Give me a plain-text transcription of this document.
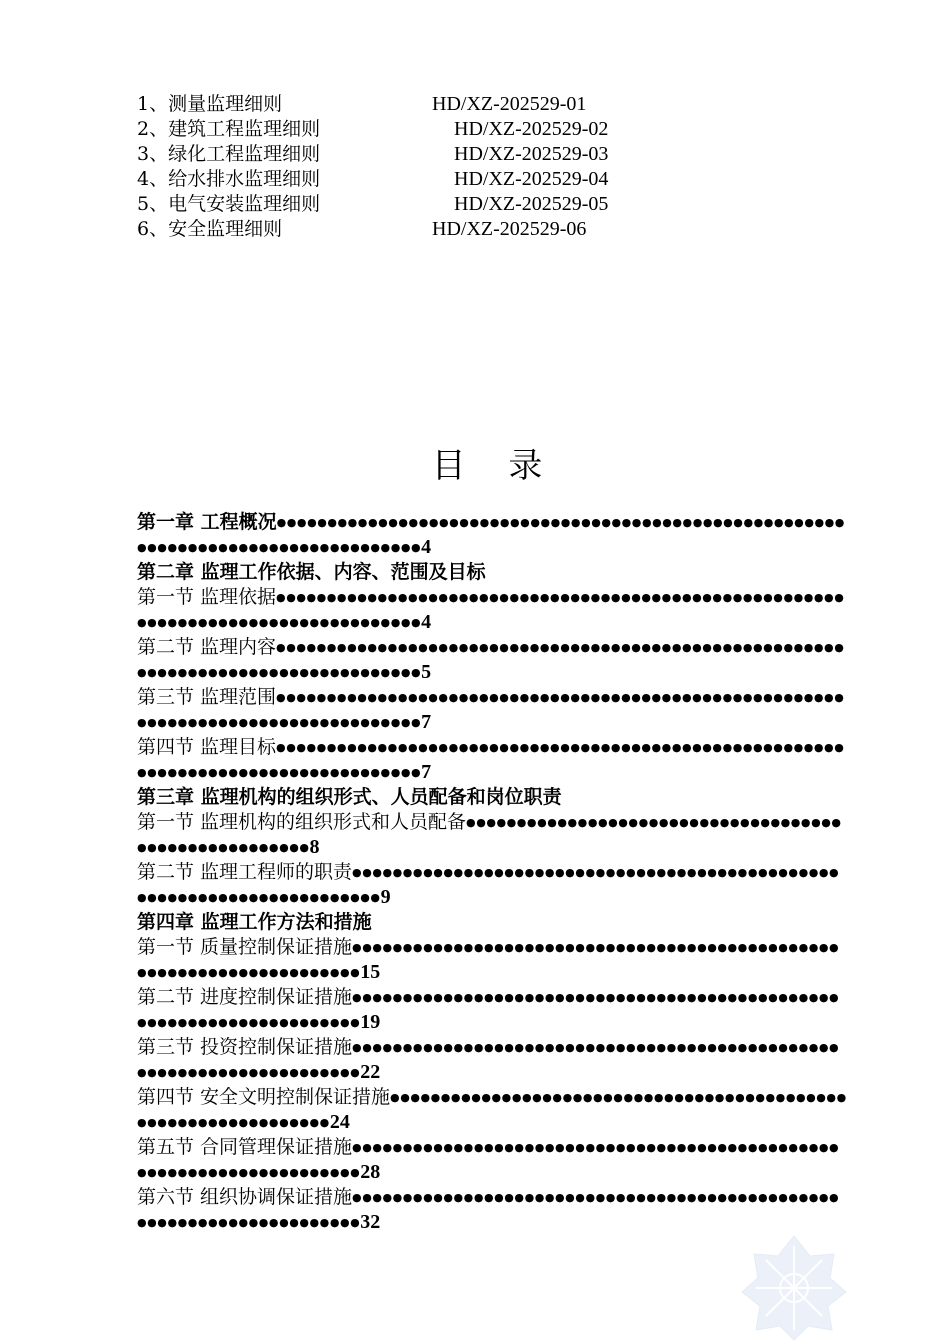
1、测量监理细则	HD/XZ-202529-01
2、建筑工程监理细则	HD/XZ-202529-02
3、绿化工程监理细则	HD/XZ-202529-03
4、给水排水监理细则	HD/XZ-202529-04
5、电气安装监理细则	HD/XZ-202529-05
6、安全监理细则	HD/XZ-202529-06
目 录
第一章 工程概况●●●●●●●●●●●●●●●●●●●●●●●●●●●●●●●●●●●●●●●●●●●●●●●●●●●●●●●●●●●●●●●●●●●●●●●●●●●●●●●●●●●●4
第二章 监理工作依据、内容、范围及目标
第一节 监理依据●●●●●●●●●●●●●●●●●●●●●●●●●●●●●●●●●●●●●●●●●●●●●●●●●●●●●●●●●●●●●●●●●●●●●●●●●●●●●●●●●●●●4
第二节 监理内容●●●●●●●●●●●●●●●●●●●●●●●●●●●●●●●●●●●●●●●●●●●●●●●●●●●●●●●●●●●●●●●●●●●●●●●●●●●●●●●●●●●●5
第三节 监理范围●●●●●●●●●●●●●●●●●●●●●●●●●●●●●●●●●●●●●●●●●●●●●●●●●●●●●●●●●●●●●●●●●●●●●●●●●●●●●●●●●●●●7
第四节 监理目标●●●●●●●●●●●●●●●●●●●●●●●●●●●●●●●●●●●●●●●●●●●●●●●●●●●●●●●●●●●●●●●●●●●●●●●●●●●●●●●●●●●●7
第三章 监理机构的组织形式、人员配备和岗位职责
第一节 监理机构的组织形式和人员配备●●●●●●●●●●●●●●●●●●●●●●●●●●●●●●●●●●●●●●●●●●●●●●●●●●●●●●8
第二节 监理工程师的职责●●●●●●●●●●●●●●●●●●●●●●●●●●●●●●●●●●●●●●●●●●●●●●●●●●●●●●●●●●●●●●●●●●●●●●●●9
第四章 监理工作方法和措施
第一节 质量控制保证措施●●●●●●●●●●●●●●●●●●●●●●●●●●●●●●●●●●●●●●●●●●●●●●●●●●●●●●●●●●●●●●●●●●●●●●15
第二节 进度控制保证措施●●●●●●●●●●●●●●●●●●●●●●●●●●●●●●●●●●●●●●●●●●●●●●●●●●●●●●●●●●●●●●●●●●●●●●19
第三节 投资控制保证措施●●●●●●●●●●●●●●●●●●●●●●●●●●●●●●●●●●●●●●●●●●●●●●●●●●●●●●●●●●●●●●●●●●●●●●22
第四节 安全文明控制保证措施●●●●●●●●●●●●●●●●●●●●●●●●●●●●●●●●●●●●●●●●●●●●●●●●●●●●●●●●●●●●●●●●24
第五节 合同管理保证措施●●●●●●●●●●●●●●●●●●●●●●●●●●●●●●●●●●●●●●●●●●●●●●●●●●●●●●●●●●●●●●●●●●●●●●28
第六节 组织协调保证措施●●●●●●●●●●●●●●●●●●●●●●●●●●●●●●●●●●●●●●●●●●●●●●●●●●●●●●●●●●●●●●●●●●●●●●32
